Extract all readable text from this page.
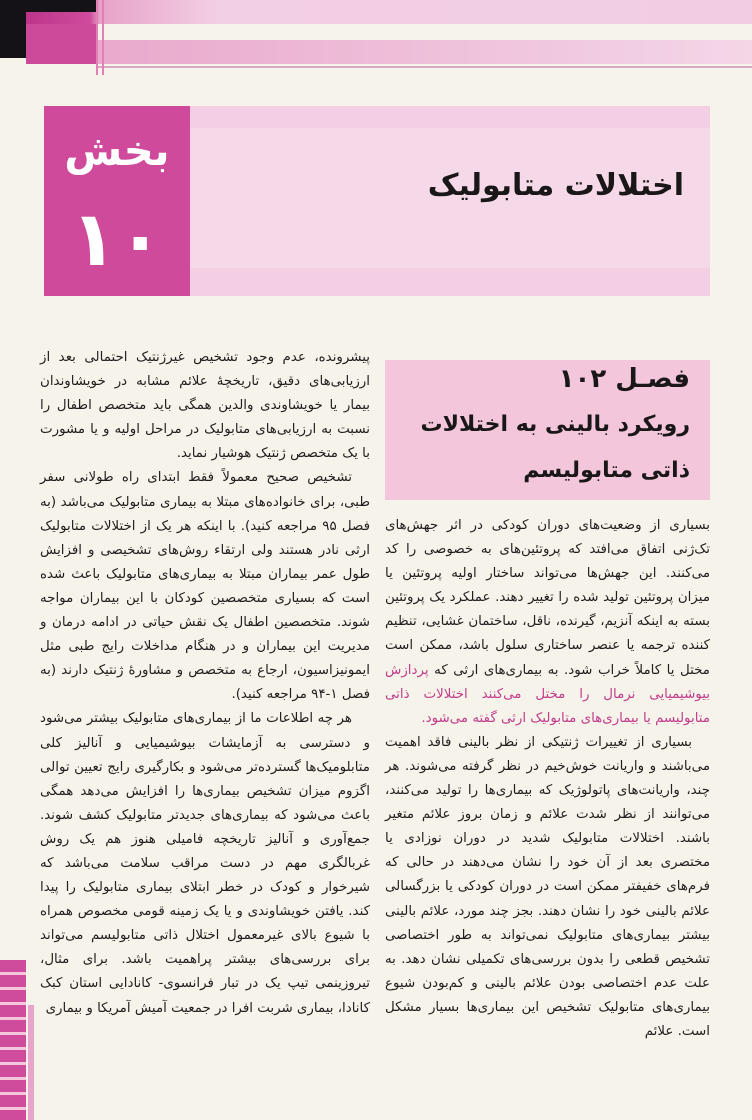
بخش
۱۰
اختلالات متابولیک
فصـل ۱۰۲
رویکرد بالینی به اختلالات
ذاتی متابولیسم

بسیاری از وضعیت‌های دوران کودکی در اثر جهش‌های تک‌ژنی اتفاق می‌افتد که پروتئین‌های به خصوصی را کد می‌کنند. این جهش‌ها می‌تواند ساختار اولیه پروتئین یا میزان پروتئین تولید شده را تغییر دهند. عملکرد یک پروتئین بسته به اینکه آنزیم، گیرنده، ناقل، ساختمان غشایی، تنظیم کننده ترجمه یا عنصر ساختاری سلول باشد، ممکن است مختل یا کاملاً خراب شود. به بیماری‌های ارثی که پردازش بیوشیمیایی نرمال را مختل می‌کنند اختلالات ذاتی متابولیسم یا بیماری‌های متابولیک ارثی گفته می‌شود.

بسیاری از تغییرات ژنتیکی از نظر بالینی فاقد اهمیت می‌باشند و واریانت خوش‌خیم در نظر گرفته می‌شوند. هر چند، واریانت‌های پاتولوژیک که بیماری‌ها را تولید می‌کنند، می‌توانند از نظر شدت علائم و زمان بروز علائم متغیر باشند. اختلالات متابولیک شدید در دوران نوزادی یا مختصری بعد از آن خود را نشان می‌دهند در حالی که فرم‌های خفیفتر ممکن است در دوران کودکی یا بزرگسالی علائم بالینی خود را نشان دهند. بجز چند مورد، علائم بالینی بیشتر بیماری‌های متابولیک نمی‌تواند به طور اختصاصی تشخیص قطعی را بدون بررسی‌های تکمیلی نشان دهد. به علت عدم اختصاصی بودن علائم بالینی و کم‌بودن شیوع بیماری‌های متابولیک تشخیص این بیماری‌ها بسیار مشکل است. علائم

پیشرونده، عدم وجود تشخیص غیرژنتیک احتمالی بعد از ارزیابی‌های دقیق، تاریخچهٔ علائم مشابه در خویشاوندان بیمار یا خویشاوندی والدین همگی باید متخصص اطفال را نسبت به ارزیابی‌های متابولیک در مراحل اولیه و یا مشورت با یک متخصص ژنتیک هوشیار نماید.

تشخیص صحیح معمولاً فقط ابتدای راه طولانی سفر طبی، برای خانواده‌های مبتلا به بیماری متابولیک می‌باشد (به فصل ۹۵ مراجعه کنید). با اینکه هر یک از اختلالات متابولیک ارثی نادر هستند ولی ارتقاء روش‌های تشخیصی و افزایش طول عمر بیماران مبتلا به بیماری‌های متابولیک باعث شده است که بسیاری متخصصین کودکان با این بیماران مواجه شوند. متخصصین اطفال یک نقش حیاتی در ادامه درمان و مدیریت این بیماران و در هنگام مداخلات رایج طبی مثل ایمونیزاسیون، ارجاع به متخصص و مشاورهٔ ژنتیک دارند (به فصل ۱-۹۴ مراجعه کنید).

هر چه اطلاعات ما از بیماری‌های متابولیک بیشتر می‌شود و دسترسی به آزمایشات بیوشیمیایی و آنالیز کلی متابلومیک‌ها گسترده‌تر می‌شود و بکارگیری رایج تعیین توالی اگزوم میزان تشخیص بیماری‌ها را افزایش می‌دهد همگی باعث می‌شود که بیماری‌های جدیدتر متابولیک کشف شوند. جمع‌آوری و آنالیز تاریخچه فامیلی هنوز هم یک روش غربالگری مهم در دست مراقب سلامت می‌باشد که شیرخوار و کودک در خطر ابتلای بیماری متابولیک را پیدا کند. یافتن خویشاوندی و یا یک زمینه قومی مخصوص همراه با شیوع بالای غیرمعمول اختلال ذاتی متابولیسم می‌تواند برای بررسی‌های بیشتر پراهمیت باشد. برای مثال، تیروزینمی تیپ یک در تبار فرانسوی- کانادایی استان کبک کانادا، بیماری شربت افرا در جمعیت آمیش آمریکا و بیماری
